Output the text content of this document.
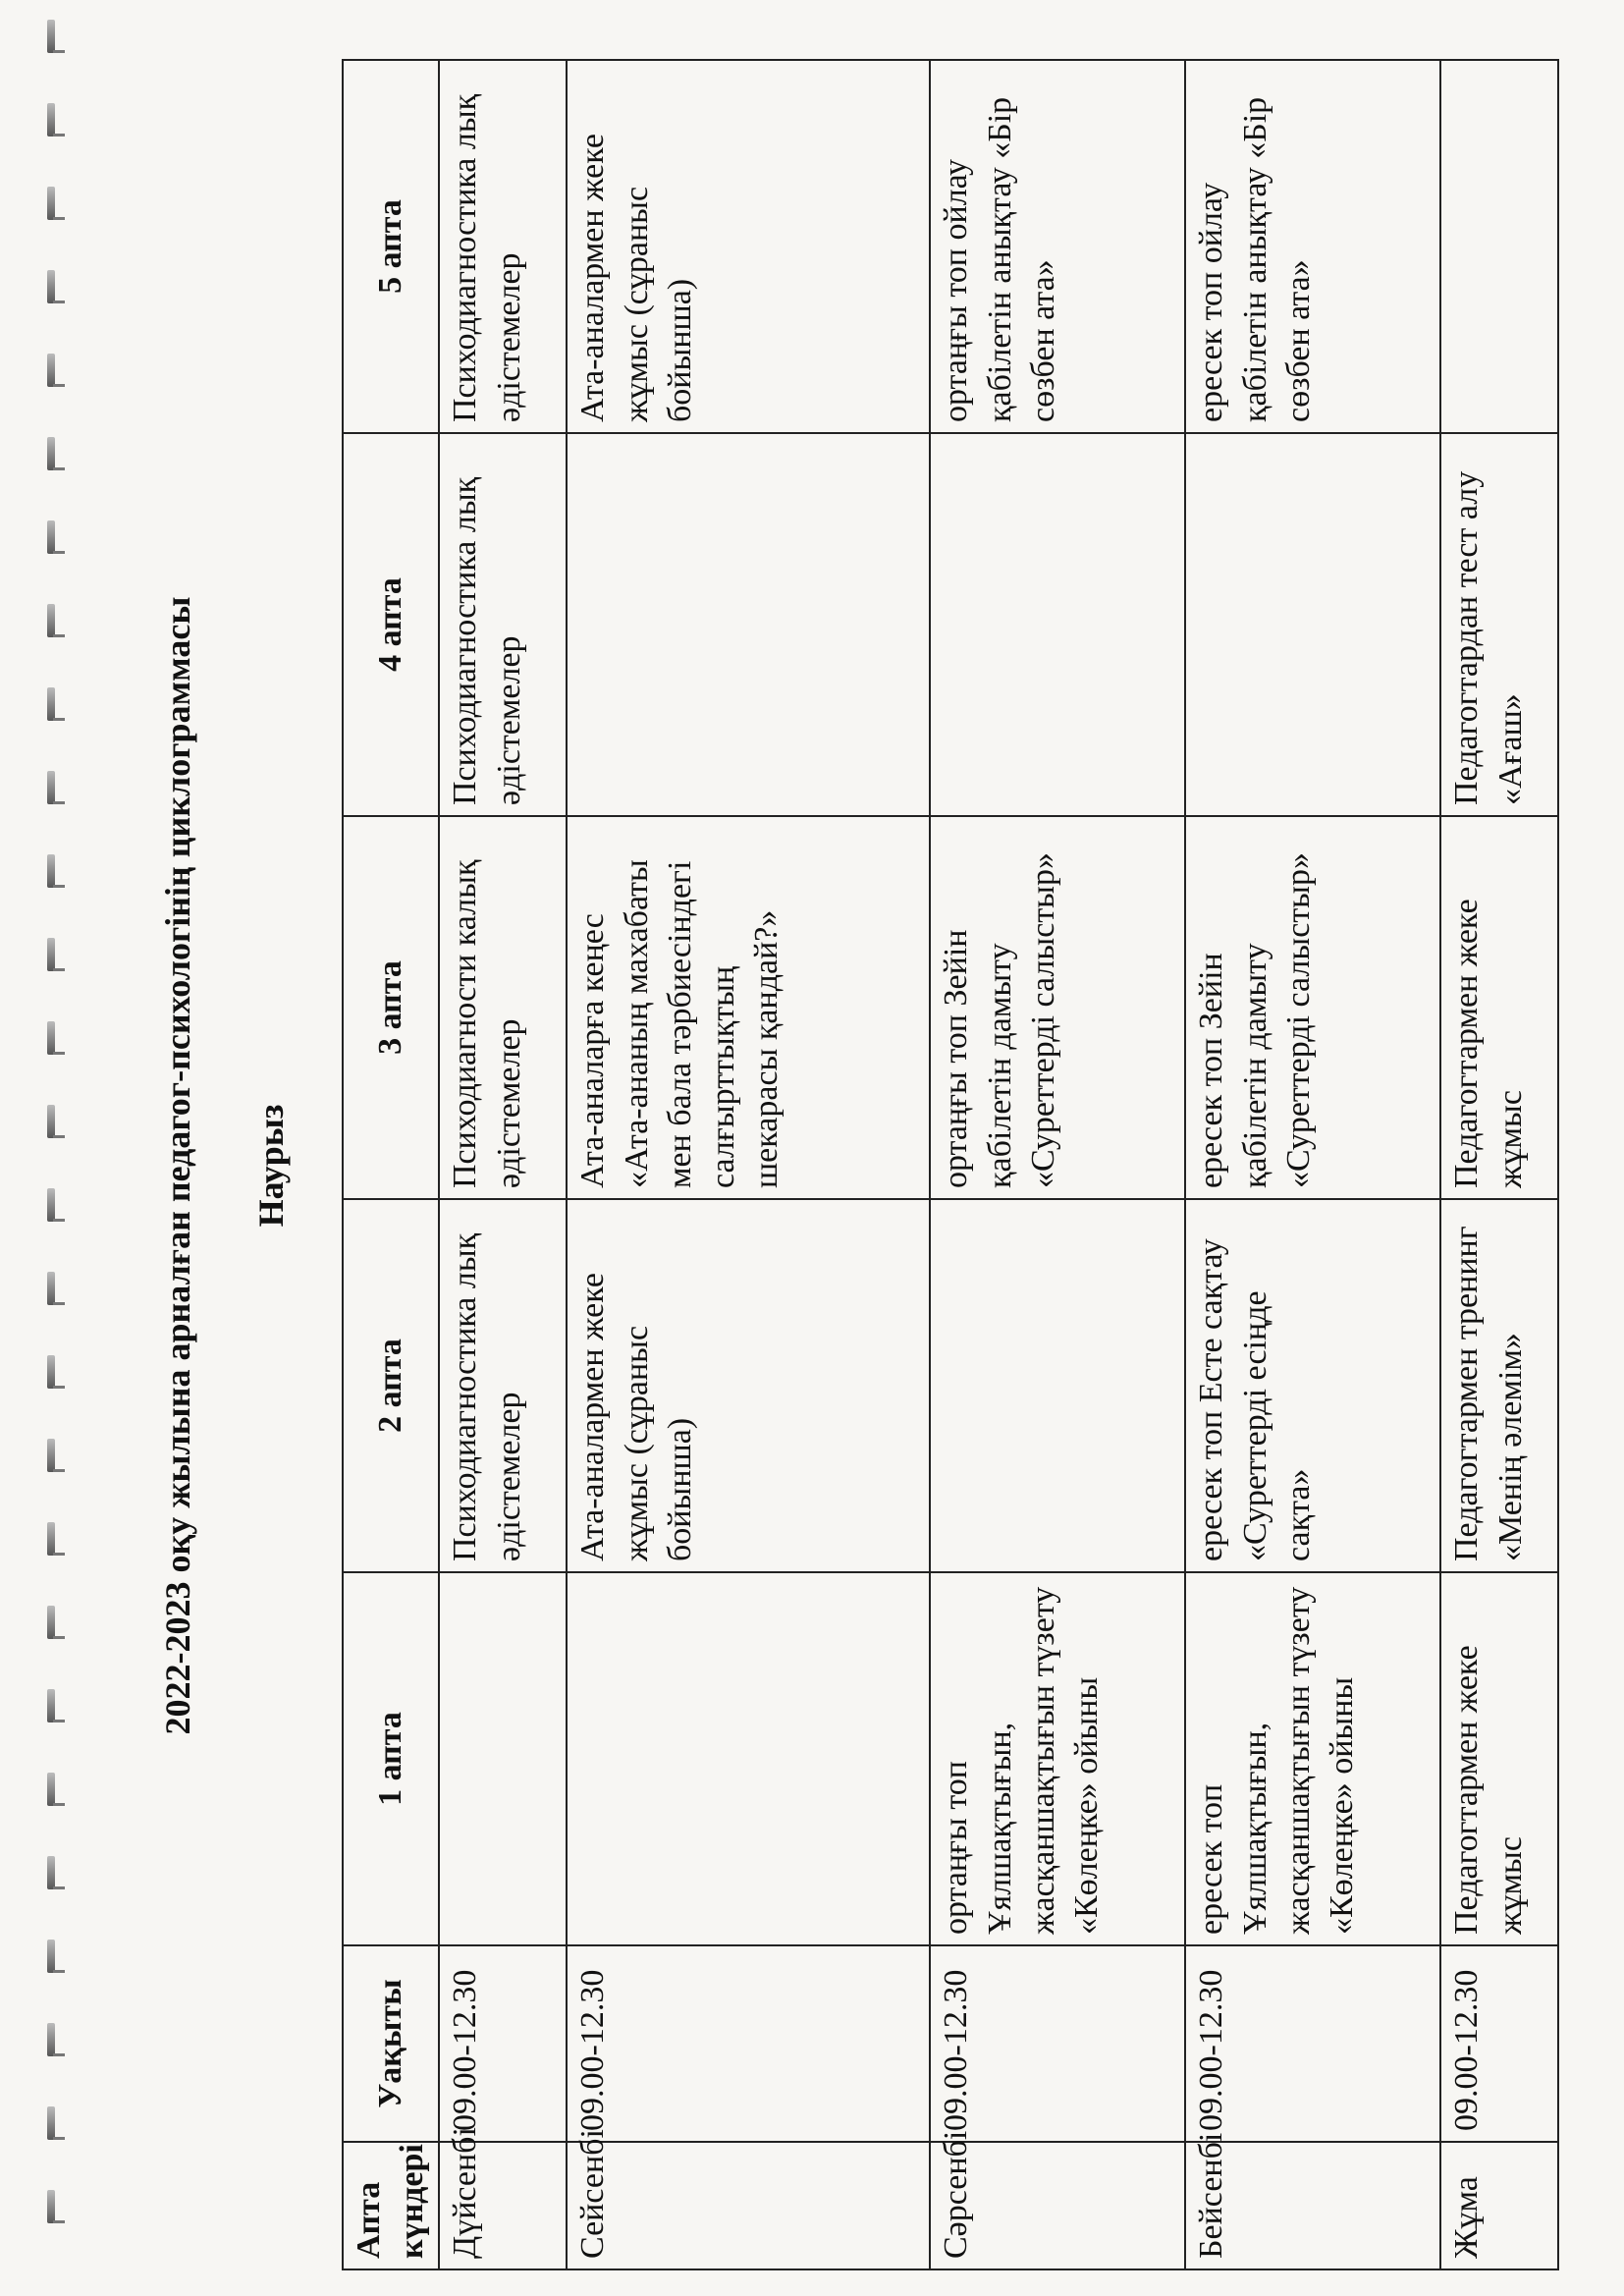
2022-2023 оқу жылына арналған педагог-психологінің циклограммасы Наурыз
Апта күндері	Уақыты	1 апта	2 апта	3 апта	4 апта	5 апта
Дүйсенбі	09.00-12.30		Психодиагностика лық әдістемелер	Психодиагности калық әдістемелер	Психодиагностика лық әдістемелер	Психодиагностика лық әдістемелер
Сейсенбі	09.00-12.30		Ата-аналармен жеке жұмыс (сұраныс бойынша)	Ата-аналарға кеңес «Ата-ананың махабаты мен бала тәрбиесіндегі салғырттықтың шекарасы қандай?»		Ата-аналармен жеке жұмыс (сұраныс бойынша)
Сәрсенбі	09.00-12.30	ортаңғы топ Ұялшақтығын, жасқаншақтығын түзету «Көлеңке» ойыны		ортаңғы топ Зейін қабілетін дамыту «Суреттерді салыстыр»		ортаңғы топ ойлау қабілетін анықтау «Бір сөзбен ата»
Бейсенбі	09.00-12.30	ересек топ Ұялшақтығын, жасқаншақтығын түзету «Көлеңке» ойыны	ересек топ Есте сақтау «Суреттерді есіңде сақта»	ересек топ Зейін қабілетін дамыту «Суреттерді салыстыр»		ересек топ ойлау қабілетін анықтау «Бір сөзбен ата»
Жұма	09.00-12.30	Педагогтармен жеке жұмыс	Педагогтармен тренинг «Менің әлемім»	Педагогтармен жеке жұмыс	Педагогтардан тест алу «Ағаш»	
